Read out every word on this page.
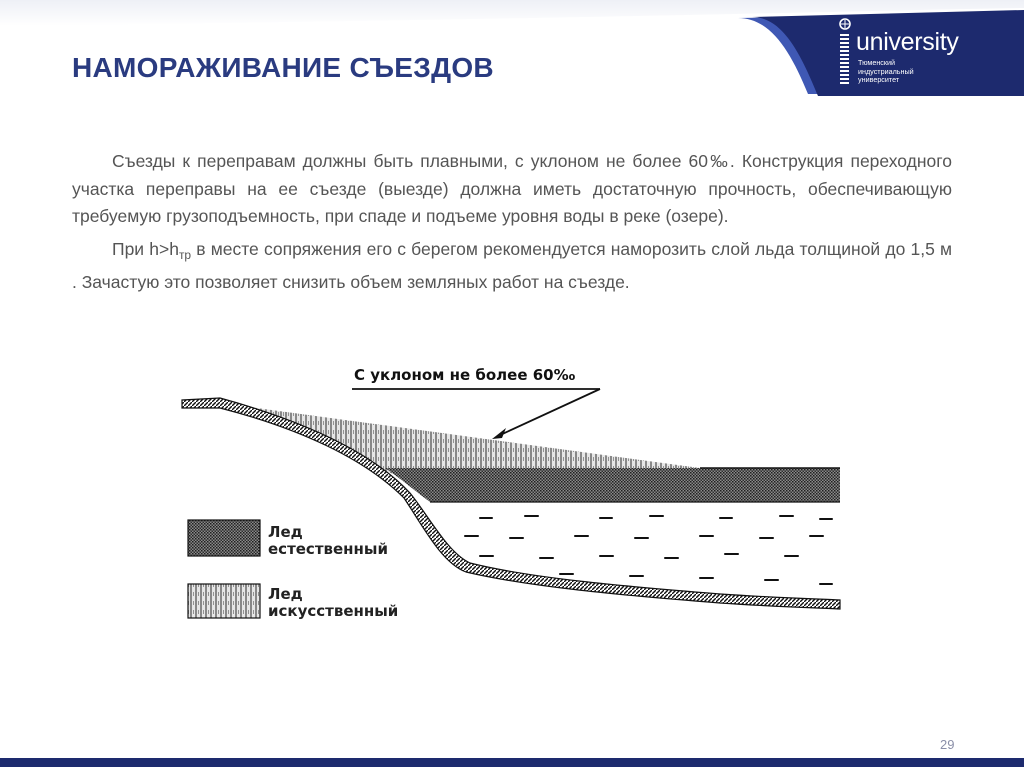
НАМОРАЖИВАНИЕ СЪЕЗДОВ
university
Тюменский
индустриальный
университет

Съезды к переправам должны быть плавными, с уклоном не более 60‰. Конструкция переходного участка переправы на ее съезде (выезде) должна иметь достаточную прочность, обеспечивающую требуемую грузоподъемность, при спаде и подъеме уровня воды в реке (озере).

При $h>h_{тр}$ в месте сопряжения его с берегом рекомендуется наморозить слой льда толщиной до 1,5 м . Зачастую это позволяет снизить объем земляных работ на съезде.

С уклоном не более 60‰
Лед
естественный
Лед
искусственный
29
